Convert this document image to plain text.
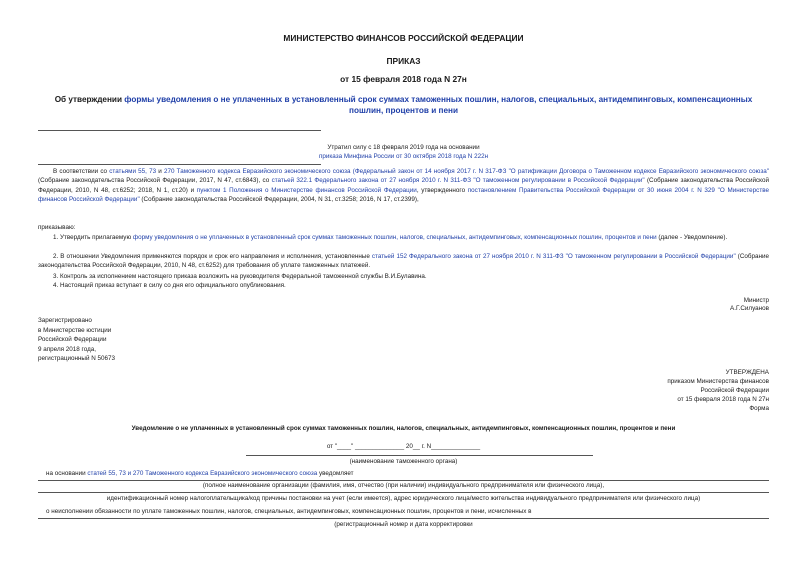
МИНИСТЕРСТВО ФИНАНСОВ РОССИЙСКОЙ ФЕДЕРАЦИИ
ПРИКАЗ
от 15 февраля 2018 года N 27н
Об утверждении формы уведомления о не уплаченных в установленный срок суммах таможенных пошлин, налогов, специальных, антидемпинговых, компенсационных пошлин, процентов и пени
Утратил силу с 18 февраля 2019 года на основании
приказа Минфина России от 30 октября 2018 года N 222н
В соответствии со статьями 55, 73 и 270 Таможенного кодекса Евразийского экономического союза (Федеральный закон от 14 ноября 2017 г. N 317-ФЗ "О ратификации Договора о Таможенном кодексе Евразийского экономического союза" (Собрание законодательства Российской Федерации, 2017, N 47, ст.6843), со статьей 322.1 Федерального закона от 27 ноября 2010 г. N 311-ФЗ "О таможенном регулировании в Российской Федерации" (Собрание законодательства Российской Федерации, 2010, N 48, ст.6252; 2018, N 1, ст.20) и пунктом 1 Положения о Министерстве финансов Российской Федерации, утвержденного постановлением Правительства Российской Федерации от 30 июня 2004 г. N 329 "О Министерстве финансов Российской Федерации" (Собрание законодательства Российской Федерации, 2004, N 31, ст.3258; 2016, N 17, ст.2399),
приказываю:
1. Утвердить прилагаемую форму уведомления о не уплаченных в установленный срок суммах таможенных пошлин, налогов, специальных, антидемпинговых, компенсационных пошлин, процентов и пени (далее - Уведомление).
2. В отношении Уведомления применяются порядок и срок его направления и исполнения, установленные статьей 152 Федерального закона от 27 ноября 2010 г. N 311-ФЗ "О таможенном регулировании в Российской Федерации" (Собрание законодательства Российской Федерации, 2010, N 48, ст.6252) для требования об уплате таможенных платежей.
3. Контроль за исполнением настоящего приказа возложить на руководителя Федеральной таможенной службы В.И.Булавина.
4. Настоящий приказ вступает в силу со дня его официального опубликования.
Министр
А.Г.Силуанов
Зарегистрировано
в Министерстве юстиции
Российской Федерации
9 апреля 2018 года,
регистрационный N 50673
УТВЕРЖДЕНА
приказом Министерства финансов
Российской Федерации
от 15 февраля 2018 года N 27н
Форма
Уведомление о не уплаченных в установленный срок суммах таможенных пошлин, налогов, специальных, антидемпинговых, компенсационных пошлин, процентов и пени
от "____" ______________ 20__ г. N______________
(наименование таможенного органа)
на основании статей 55, 73 и 270 Таможенного кодекса Евразийского экономического союза уведомляет
(полное наименование организации (фамилия, имя, отчество (при наличии) индивидуального предпринимателя или физического лица),
идентификационный номер налогоплательщика/код причины постановки на учет (если имеется), адрес юридического лица/место жительства индивидуального предпринимателя или физического лица)
о неисполнении обязанности по уплате таможенных пошлин, налогов, специальных, антидемпинговых, компенсационных пошлин, процентов и пени, исчисленных в
(регистрационный номер и дата корректировки
